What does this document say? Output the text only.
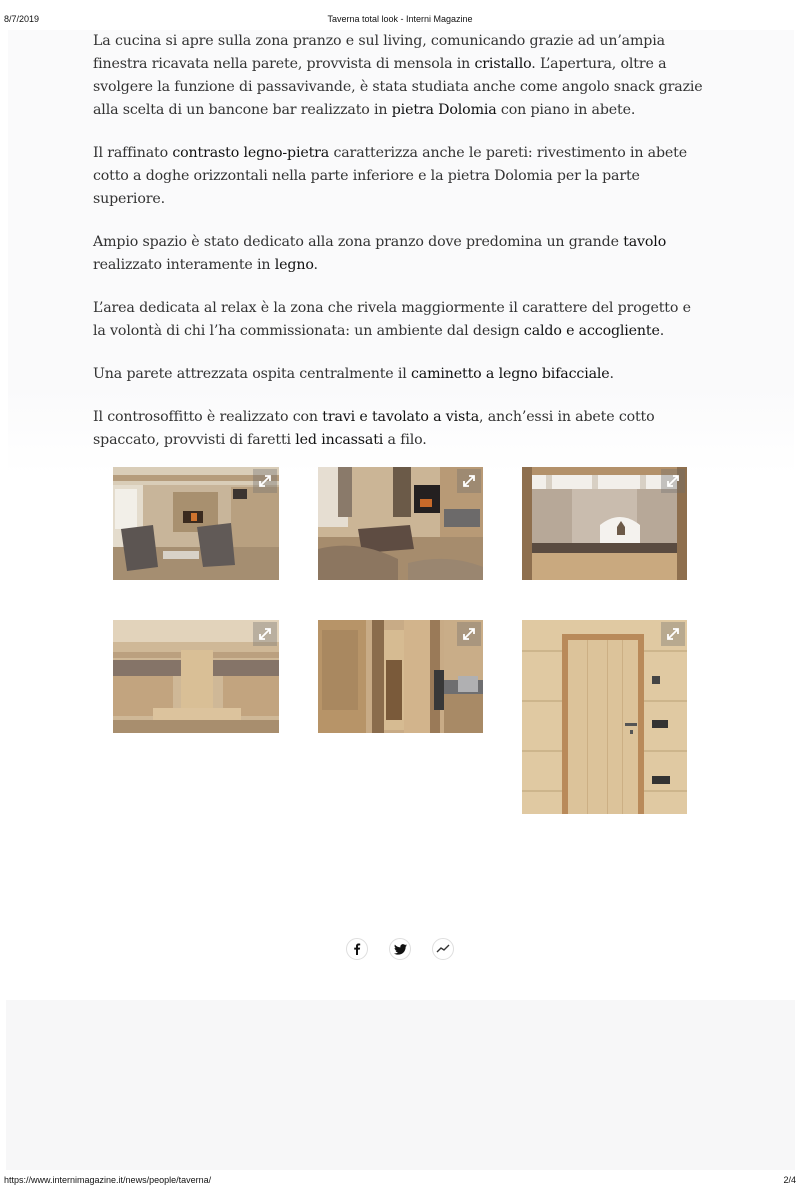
8/7/2019	Taverna total look - Interni Magazine

La cucina si apre sulla zona pranzo e sul living, comunicando grazie ad un’ampia finestra ricavata nella parete, provvista di mensola in cristallo. L’apertura, oltre a svolgere la funzione di passavivande, è stata studiata anche come angolo snack grazie alla scelta di un bancone bar realizzato in pietra Dolomia con piano in abete.

Il raffinato contrasto legno-pietra caratterizza anche le pareti: rivestimento in abete cotto a doghe orizzontali nella parte inferiore e la pietra Dolomia per la parte superiore.

Ampio spazio è stato dedicato alla zona pranzo dove predomina un grande tavolo realizzato interamente in legno.

L’area dedicata al relax è la zona che rivela maggiormente il carattere del progetto e la volontà di chi l’ha commissionata: un ambiente dal design caldo e accogliente.

Una parete attrezzata ospita centralmente il caminetto a legno bifacciale.

Il controsoffitto è realizzato con travi e tavolato a vista, anch’essi in abete cotto spaccato, provvisti di faretti led incassati a filo.

https://www.internimagazine.it/news/people/taverna/	2/4
